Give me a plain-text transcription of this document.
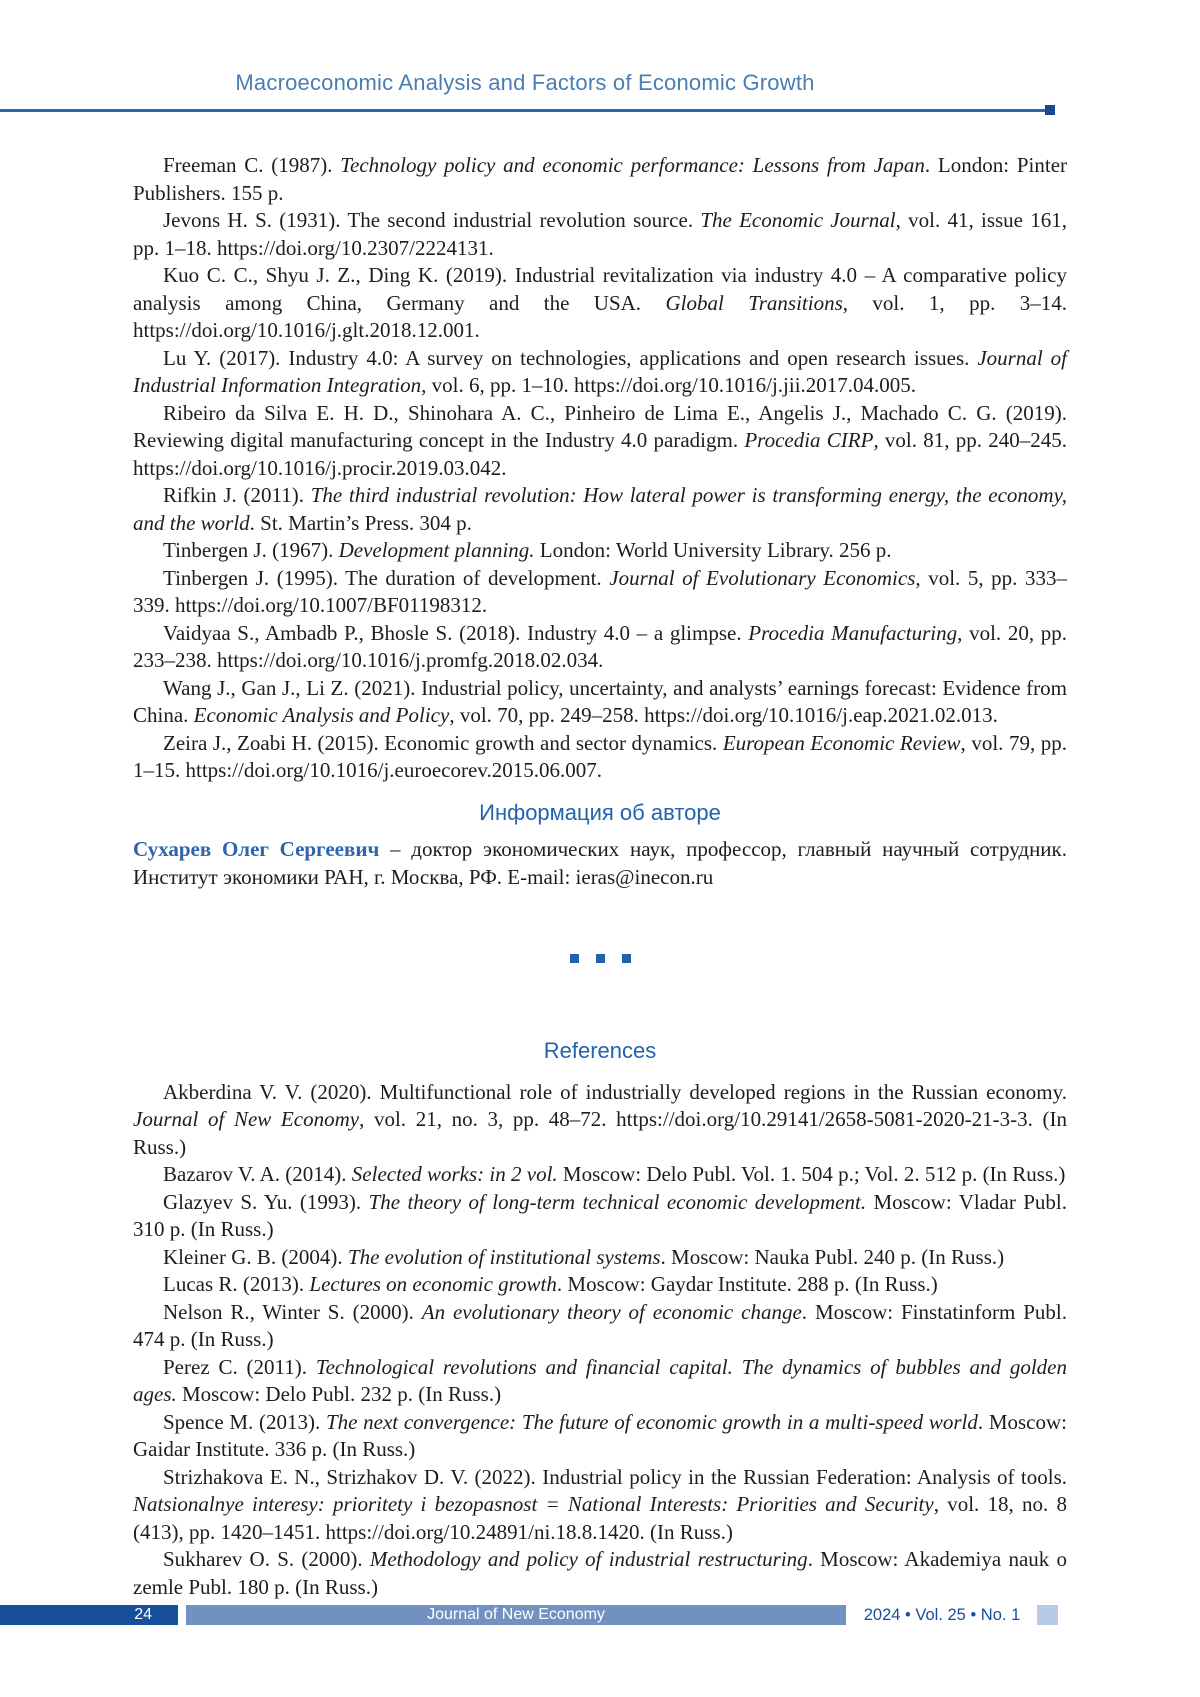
Macroeconomic Analysis and Factors of Economic Growth

Freeman C. (1987). Technology policy and economic performance: Lessons from Japan. London: Pinter Publishers. 155 p.

Jevons H. S. (1931). The second industrial revolution source. The Economic Journal, vol. 41, issue 161, pp. 1–18. https://doi.org/10.2307/2224131.

Kuo C. C., Shyu J. Z., Ding K. (2019). Industrial revitalization via industry 4.0 – A comparative policy analysis among China, Germany and the USA. Global Transitions, vol. 1, pp. 3–14. https://doi.org/10.1016/j.glt.2018.12.001.

Lu Y. (2017). Industry 4.0: A survey on technologies, applications and open research issues. Journal of Industrial Information Integration, vol. 6, pp. 1–10. https://doi.org/10.1016/j.jii.2017.04.005.

Ribeiro da Silva E. H. D., Shinohara A. C., Pinheiro de Lima E., Angelis J., Machado C. G. (2019). Reviewing digital manufacturing concept in the Industry 4.0 paradigm. Procedia CIRP, vol. 81, pp. 240–245. https://doi.org/10.1016/j.procir.2019.03.042.

Rifkin J. (2011). The third industrial revolution: How lateral power is transforming energy, the economy, and the world. St. Martin’s Press. 304 p.

Tinbergen J. (1967). Development planning. London: World University Library. 256 p.

Tinbergen J. (1995). The duration of development. Journal of Evolutionary Economics, vol. 5, pp. 333–339. https://doi.org/10.1007/BF01198312.

Vaidyaa S., Ambadb P., Bhosle S. (2018). Industry 4.0 – a glimpse. Procedia Manufacturing, vol. 20, pp. 233–238. https://doi.org/10.1016/j.promfg.2018.02.034.

Wang J., Gan J., Li Z. (2021). Industrial policy, uncertainty, and analysts’ earnings forecast: Evidence from China. Economic Analysis and Policy, vol. 70, pp. 249–258. https://doi.org/10.1016/j.eap.2021.02.013.

Zeira J., Zoabi H. (2015). Economic growth and sector dynamics. European Economic Review, vol. 79, pp. 1–15. https://doi.org/10.1016/j.euroecorev.2015.06.007.

Информация об авторе

Сухарев Олег Сергеевич – доктор экономических наук, профессор, главный научный сотрудник. Институт экономики РАН, г. Москва, РФ. E-mail: ieras@inecon.ru

References

Akberdina V. V. (2020). Multifunctional role of industrially developed regions in the Russian economy. Journal of New Economy, vol. 21, no. 3, pp. 48–72. https://doi.org/10.29141/2658-5081-2020-21-3-3. (In Russ.)

Bazarov V. A. (2014). Selected works: in 2 vol. Moscow: Delo Publ. Vol. 1. 504 p.; Vol. 2. 512 p. (In Russ.)

Glazyev S. Yu. (1993). The theory of long-term technical economic development. Moscow: Vladar Publ. 310 p. (In Russ.)

Kleiner G. B. (2004). The evolution of institutional systems. Moscow: Nauka Publ. 240 p. (In Russ.)

Lucas R. (2013). Lectures on economic growth. Moscow: Gaydar Institute. 288 p. (In Russ.)

Nelson R., Winter S. (2000). An evolutionary theory of economic change. Moscow: Finstatinform Publ. 474 p. (In Russ.)

Perez C. (2011). Technological revolutions and financial capital. The dynamics of bubbles and golden ages. Moscow: Delo Publ. 232 p. (In Russ.)

Spence M. (2013). The next convergence: The future of economic growth in a multi-speed world. Moscow: Gaidar Institute. 336 p. (In Russ.)

Strizhakova E. N., Strizhakov D. V. (2022). Industrial policy in the Russian Federation: Analysis of tools. Natsionalnye interesy: prioritety i bezopasnost = National Interests: Priorities and Security, vol. 18, no. 8 (413), pp. 1420–1451. https://doi.org/10.24891/ni.18.8.1420. (In Russ.)

Sukharev O. S. (2000). Methodology and policy of industrial restructuring. Moscow: Akademiya nauk o zemle Publ. 180 p. (In Russ.)

24	Journal of New Economy	2024 • Vol. 25 • No. 1
